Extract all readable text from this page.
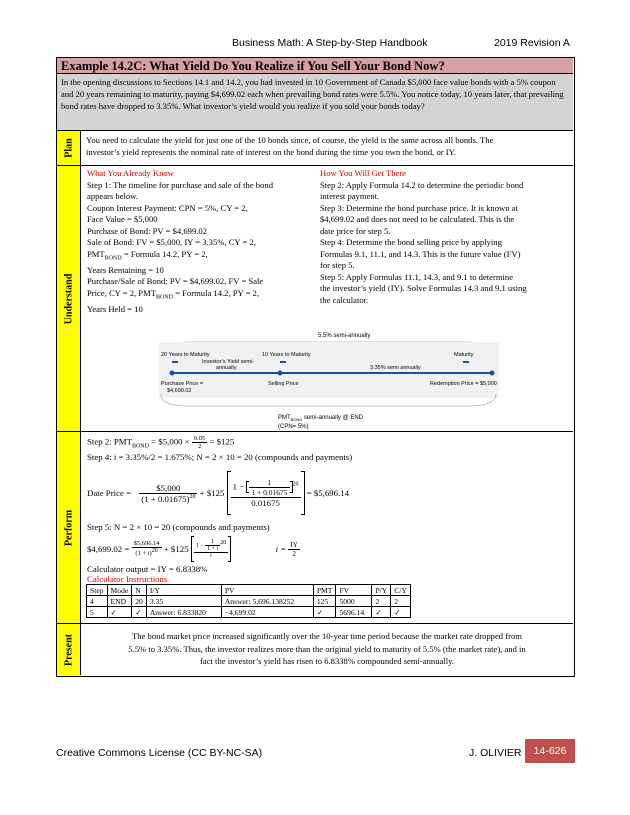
Business Math: A Step-by-Step Handbook	2019 Revision A
Example 14.2C: What Yield Do You Realize if You Sell Your Bond Now?
In the opening discussions to Sections 14.1 and 14.2, you had invested in 10 Government of Canada $5,000 face value bonds with a 5% coupon and 20 years remaining to maturity, paying $4,699.02 each when prevailing bond rates were 5.5%. You notice today, 10 years later, that prevailing bond rates have dropped to 3.35%. What investor’s yield would you realize if you sold your bonds today?
Plan You need to calculate the yield for just one of the 10 bonds since, of course, the yield is the same across all bonds. The
investor’s yield represents the nominal rate of interest on the bond during the time you own the bond, or IY.
Understand
What You Already Know
Step 1: The timeline for purchase and sale of the bond
appears below.
Coupon Interest Payment: CPN = 5%, CY = 2,
Face Value = $5,000
Purchase of Bond: PV = $4,699.02
Sale of Bond: FV = $5,000, IY = 3.35%, CY = 2,
$PMT_{BOND}$ = Formula 14.2, PY = 2,
Years Remaining = 10
Purchase/Sale of Bond: PV = $4,699.02, FV = Sale
Price, CY = 2, $PMT_{BOND}$ = Formula 14.2, PY = 2,
Years Held = 10
How You Will Get There
Step 2: Apply Formula 14.2 to determine the periodic bond
interest payment.
Step 3: Determine the bond purchase price. It is known at
$4,699.02 and does not need to be calculated. This is the
date price for step 5.
Step 4: Determine the bond selling price by applying
Formulas 9.1, 11.1, and 14.3. This is the future value (FV)
for step 5.
Step 5: Apply Formulas 11.1, 14.3, and 9.1 to determine
the investor’s yield (IY). Solve Formulas 14.3 and 9.1 using
the calculator.
5.5% semi-annually
20 Years to Maturity	10 Years to Maturity	Maturity
Investor’s Yield semi-
annually	3.35% semi annually
Purchase Price =
$4,699.02
Selling Price	Redemption Price = $5,000
$PMT_{BOND}$ semi-annually @ END
(CPN= 5%)
Perform
Step 2: $PMT_{BOND}$ = $5,000 × $\frac{0.05}{2}$ = $125
Step 4: i = 3.35%/2 = 1.675%; N = 2 × 10 = 20 (compounds and payments)
Date Price = $\frac{\$5,000}{(1 + 0.01675)^{20}}$ + $125 $\frac{1 - \frac{1}{1 + 0.01675} ^{20}}{0.01675}$ = $5,696.14
Step 5: N = 2 × 10 = 20 (compounds and payments)
$4,699.02 = $\frac{\$5,696.14}{(1 + i)^{20}}$ + $125 $\frac{1 - \frac{1}{1 + i} ^{20}}{i}$	$i = \frac{IY}{2}$
Calculator output = IY = 6.8338%
Calculator Instructions
Step	Mode	N	I/Y	PV	PMT	FV	P/Y	C/Y
4	END	20	3.35	Answer: 5,696.138252	125	5000	2	2
5	✓	✓	Answer: 6.833820	−4,699.02	✓	5696.14	✓	✓
Present	The bond market price increased significantly over the 10-year time period because the market rate dropped from
5.5% to 3.35%. Thus, the investor realizes more than the original yield to maturity of 5.5% (the market rate), and in
fact the investor’s yield has risen to 6.8338% compounded semi-annually.
Creative Commons License (CC BY-NC-SA)	J. OLIVIER	14-626
